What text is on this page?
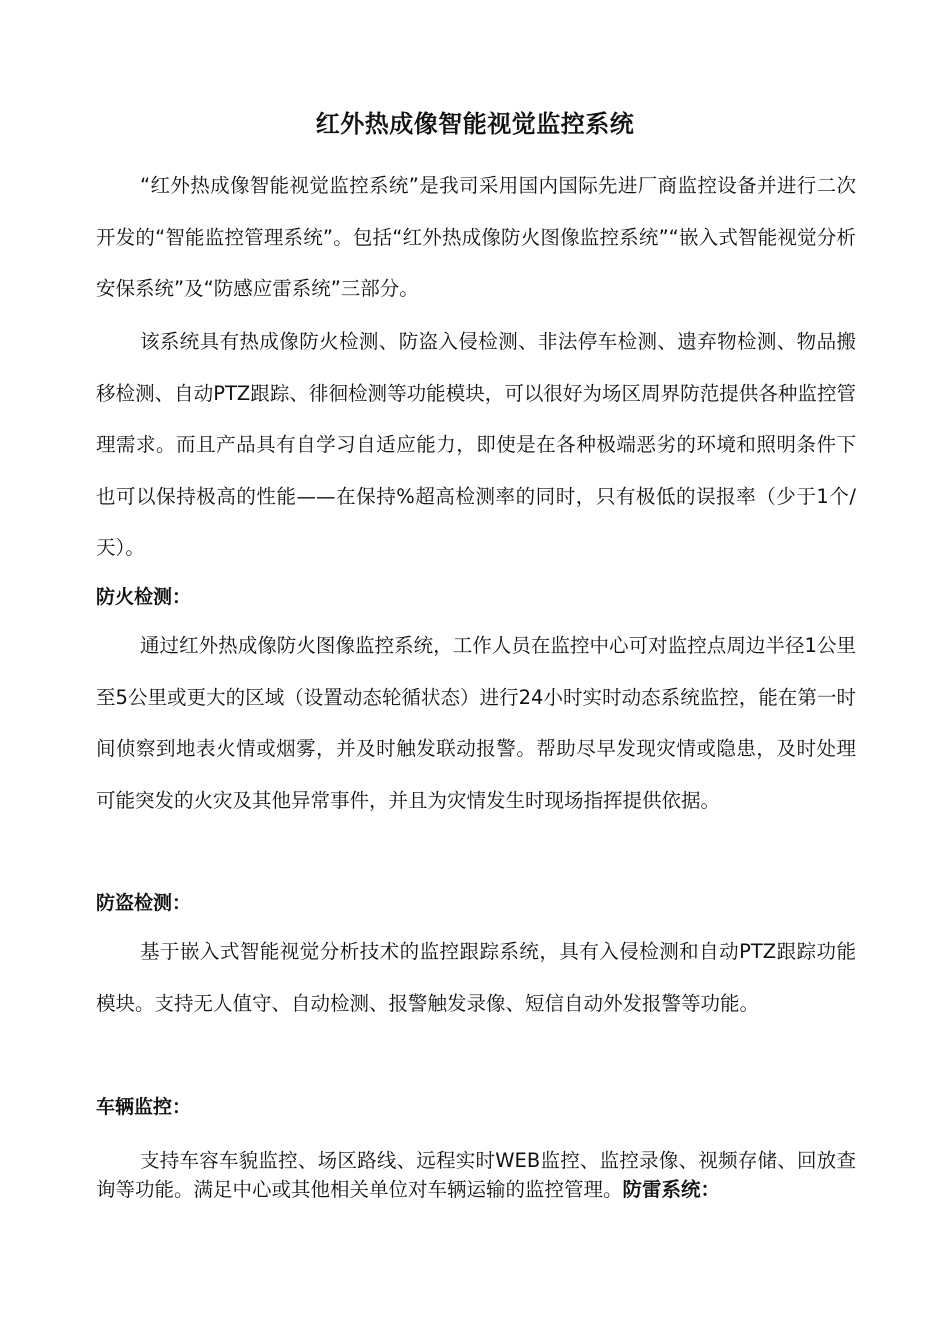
红外热成像智能视觉监控系统

“红外热成像智能视觉监控系统”是我司采用国内国际先进厂商监控设备并进行二次开发的“智能监控管理系统”。包括“红外热成像防火图像监控系统”“嵌入式智能视觉分析安保系统”及“防感应雷系统”三部分。

该系统具有热成像防火检测、防盗入侵检测、非法停车检测、遗弃物检测、物品搬移检测、自动PTZ跟踪、徘徊检测等功能模块，可以很好为场区周界防范提供各种监控管理需求。而且产品具有自学习自适应能力，即使是在各种极端恶劣的环境和照明条件下也可以保持极高的性能——在保持%超高检测率的同时，只有极低的误报率（少于1个/天）。

防火检测：

通过红外热成像防火图像监控系统，工作人员在监控中心可对监控点周边半径1公里至5公里或更大的区域（设置动态轮循状态）进行24小时实时动态系统监控，能在第一时间侦察到地表火情或烟雾，并及时触发联动报警。帮助尽早发现灾情或隐患，及时处理可能突发的火灾及其他异常事件，并且为灾情发生时现场指挥提供依据。

防盗检测：

基于嵌入式智能视觉分析技术的监控跟踪系统，具有入侵检测和自动PTZ跟踪功能模块。支持无人值守、自动检测、报警触发录像、短信自动外发报警等功能。

车辆监控：

支持车容车貌监控、场区路线、远程实时WEB监控、监控录像、视频存储、回放查询等功能。满足中心或其他相关单位对车辆运输的监控管理。防雷系统：
